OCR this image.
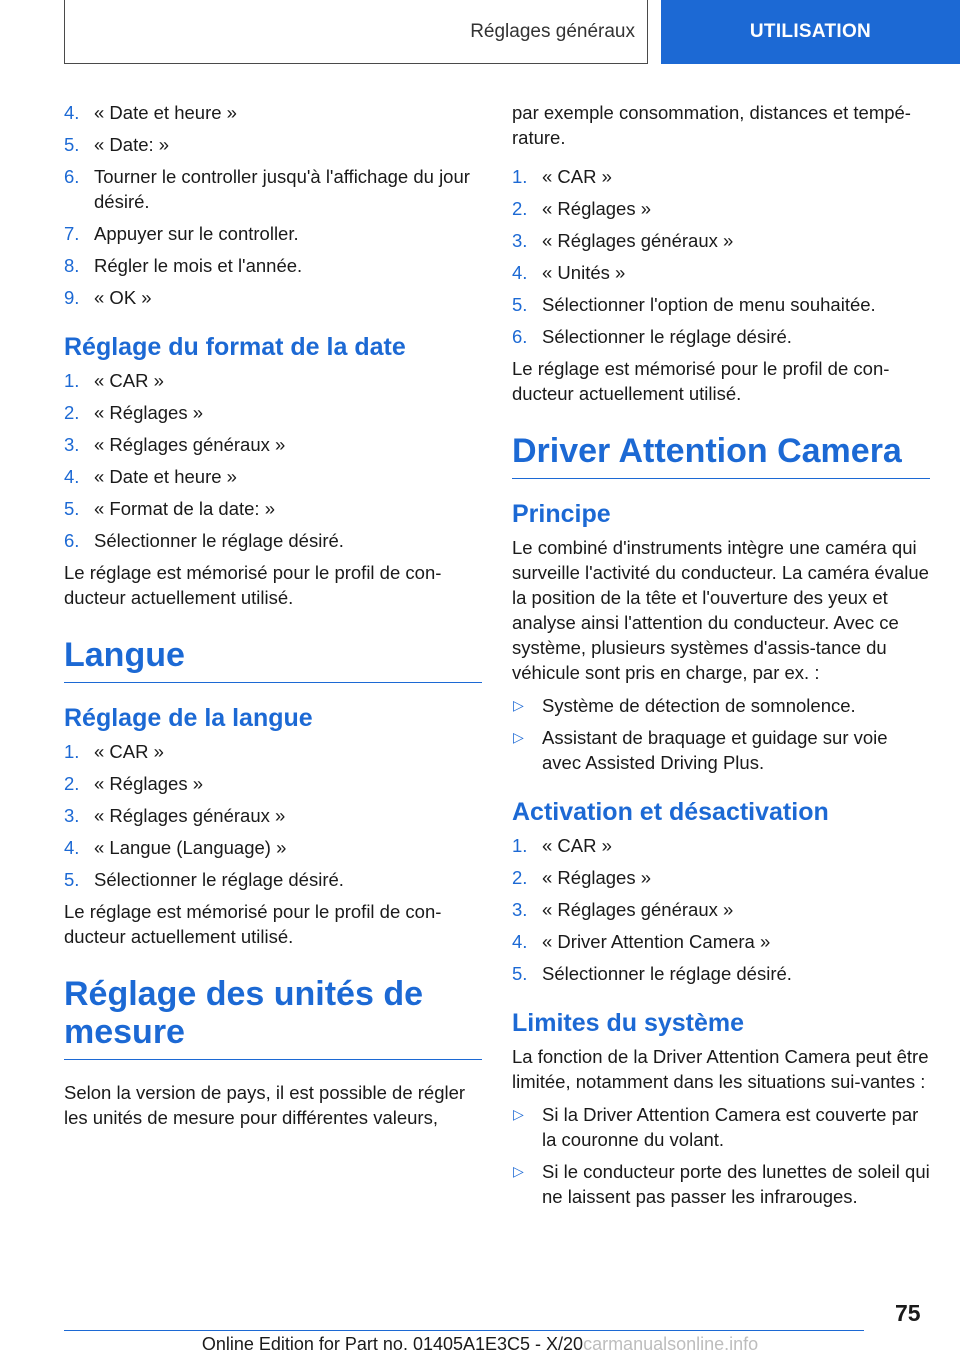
Réglages généraux	UTILISATION
4. « Date et heure »
5. « Date: »
6. Tourner le controller jusqu'à l'affichage du jour désiré.
7. Appuyer sur le controller.
8. Régler le mois et l'année.
9. « OK »
Réglage du format de la date
1. « CAR »
2. « Réglages »
3. « Réglages généraux »
4. « Date et heure »
5. « Format de la date: »
6. Sélectionner le réglage désiré.

Le réglage est mémorisé pour le profil de con‐ducteur actuellement utilisé.

Langue
Réglage de la langue
1. « CAR »
2. « Réglages »
3. « Réglages généraux »
4. « Langue (Language) »
5. Sélectionner le réglage désiré.

Le réglage est mémorisé pour le profil de con‐ducteur actuellement utilisé.

Réglage des unités de mesure

Selon la version de pays, il est possible de régler les unités de mesure pour différentes valeurs,

par exemple consommation, distances et tempé‐rature.

1. « CAR »
2. « Réglages »
3. « Réglages généraux »
4. « Unités »
5. Sélectionner l'option de menu souhaitée.
6. Sélectionner le réglage désiré.

Le réglage est mémorisé pour le profil de con‐ducteur actuellement utilisé.

Driver Attention Camera
Principe

Le combiné d'instruments intègre une caméra qui surveille l'activité du conducteur. La caméra évalue la position de la tête et l'ouverture des yeux et analyse ainsi l'attention du conducteur. Avec ce système, plusieurs systèmes d'assis‐tance du véhicule sont pris en charge, par ex. :

▷ Système de détection de somnolence.
▷ Assistant de braquage et guidage sur voie avec Assisted Driving Plus.
Activation et désactivation
1. « CAR »
2. « Réglages »
3. « Réglages généraux »
4. « Driver Attention Camera »
5. Sélectionner le réglage désiré.
Limites du système

La fonction de la Driver Attention Camera peut être limitée, notamment dans les situations sui‐vantes :

▷ Si la Driver Attention Camera est couverte par la couronne du volant.
▷ Si le conducteur porte des lunettes de soleil qui ne laissent pas passer les infrarouges.
75
Online Edition for Part no. 01405A1E3C5 - X/20carmanualsonline.info
